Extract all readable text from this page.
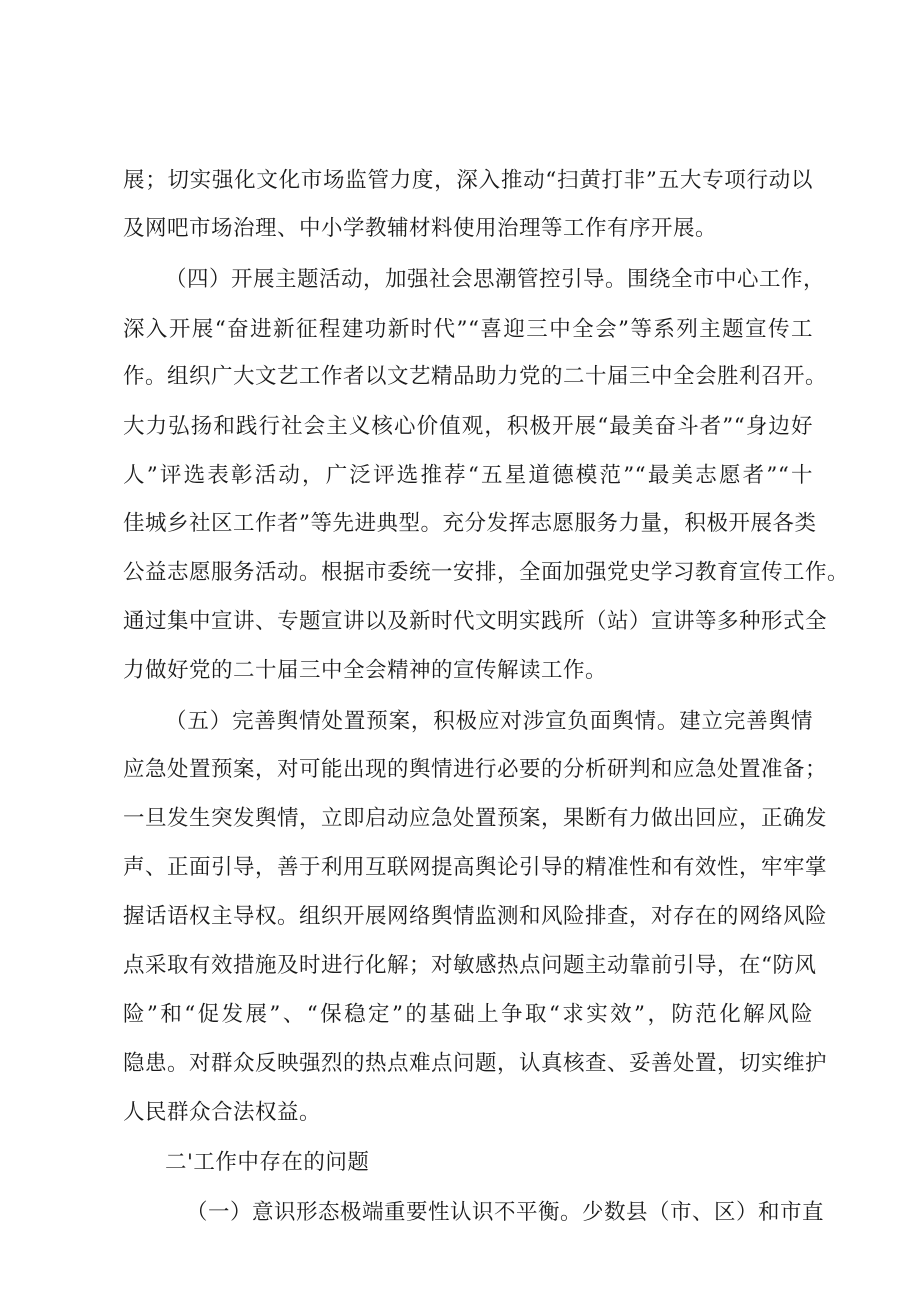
展；切实强化文化市场监管力度，深入推动“扫黄打非”五大专项行动以
及网吧市场治理、中小学教辅材料使用治理等工作有序开展。
（四）开展主题活动，加强社会思潮管控引导。围绕全市中心工作，
深入开展“奋进新征程建功新时代”“喜迎三中全会”等系列主题宣传工
作。组织广大文艺工作者以文艺精品助力党的二十届三中全会胜利召开。
大力弘扬和践行社会主义核心价值观，积极开展“最美奋斗者”“身边好
人”评选表彰活动，广泛评选推荐“五星道德模范”“最美志愿者”“十
佳城乡社区工作者”等先进典型。充分发挥志愿服务力量，积极开展各类
公益志愿服务活动。根据市委统一安排，全面加强党史学习教育宣传工作。
通过集中宣讲、专题宣讲以及新时代文明实践所（站）宣讲等多种形式全
力做好党的二十届三中全会精神的宣传解读工作。
（五）完善舆情处置预案，积极应对涉宣负面舆情。建立完善舆情
应急处置预案，对可能出现的舆情进行必要的分析研判和应急处置准备；
一旦发生突发舆情，立即启动应急处置预案，果断有力做出回应，正确发
声、正面引导，善于利用互联网提高舆论引导的精准性和有效性，牢牢掌
握话语权主导权。组织开展网络舆情监测和风险排查，对存在的网络风险
点采取有效措施及时进行化解；对敏感热点问题主动靠前引导，在“防风
险”和“促发展”、“保稳定”的基础上争取“求实效”，防范化解风险
隐患。对群众反映强烈的热点难点问题，认真核查、妥善处置，切实维护
人民群众合法权益。
二'工作中存在的问题
（一）意识形态极端重要性认识不平衡。少数县（市、区）和市直
